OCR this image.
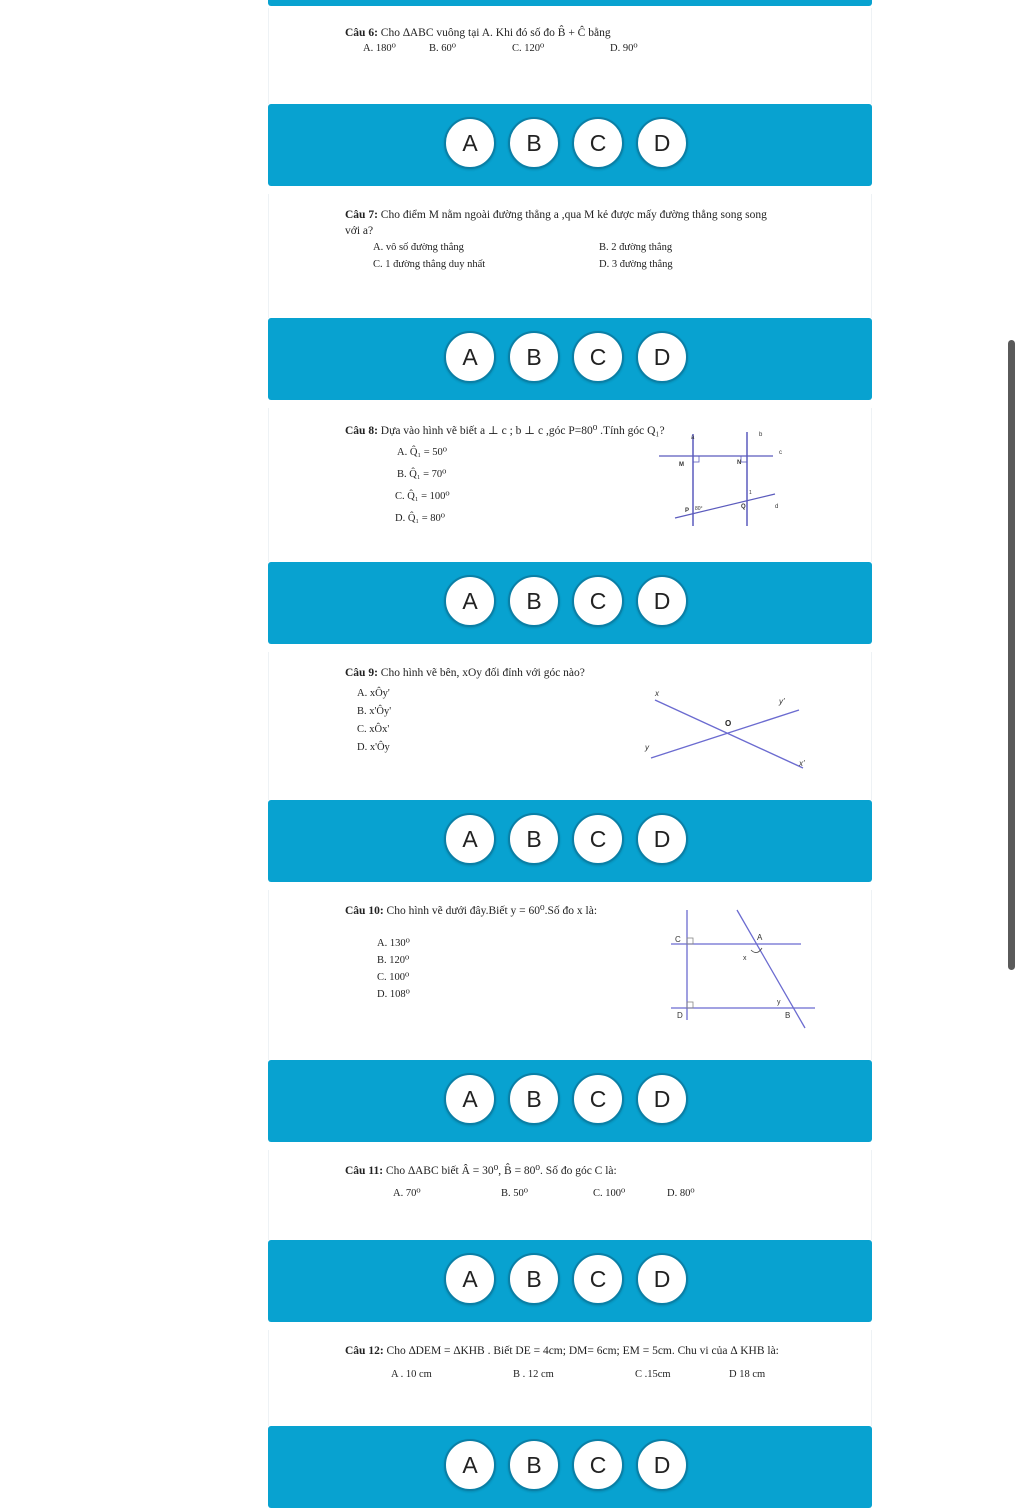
Câu 6: Cho ∆ABC vuông tại A. Khi đó số đo B̂ + Ĉ bằng
A. 180⁰	B. 60⁰	C. 120⁰	D. 90⁰
A	B	C	D
Câu 7: Cho điểm M nằm ngoài đường thẳng a ,qua M kẻ được mấy đường thẳng song song
với a?
A. vô số đường thẳng	B. 2 đường thẳng
C. 1 đường thẳng duy nhất	D. 3 đường thẳng
A	B	C	D
Câu 8: Dựa vào hình vẽ biết a ⊥ c ; b ⊥ c ,góc P=80⁰ .Tính góc Q₁?
A. Q̂₁ = 50⁰
B. Q̂₁ = 70⁰
C. Q̂₁ = 100⁰
D. Q̂₁ = 80⁰
a	b
c
d
M	N
P
Q
1
80°
A	B	C	D
Câu 9: Cho hình vẽ bên, xOy đối đỉnh với góc nào?
A. xÔy'
B. x'Ôy'
C. xÔx'
D. x'Ôy
x
y'
O
y
x'
A	B	C	D
Câu 10: Cho hình vẽ dưới đây.Biết y = 60⁰.Số đo x là:
A. 130⁰
B. 120⁰
C. 100⁰
D. 108⁰
C	A
x
y
D	B
A	B	C	D
Câu 11: Cho ∆ABC biết Â = 30⁰, B̂ = 80⁰. Số đo góc C là:
A. 70⁰	B. 50⁰	C. 100⁰	D. 80⁰
A	B	C	D
Câu 12: Cho ∆DEM = ∆KHB . Biết DE = 4cm; DM= 6cm; EM = 5cm. Chu vi của ∆ KHB là:
A . 10 cm	B . 12 cm	C .15cm	D 18 cm
A	B	C	D
